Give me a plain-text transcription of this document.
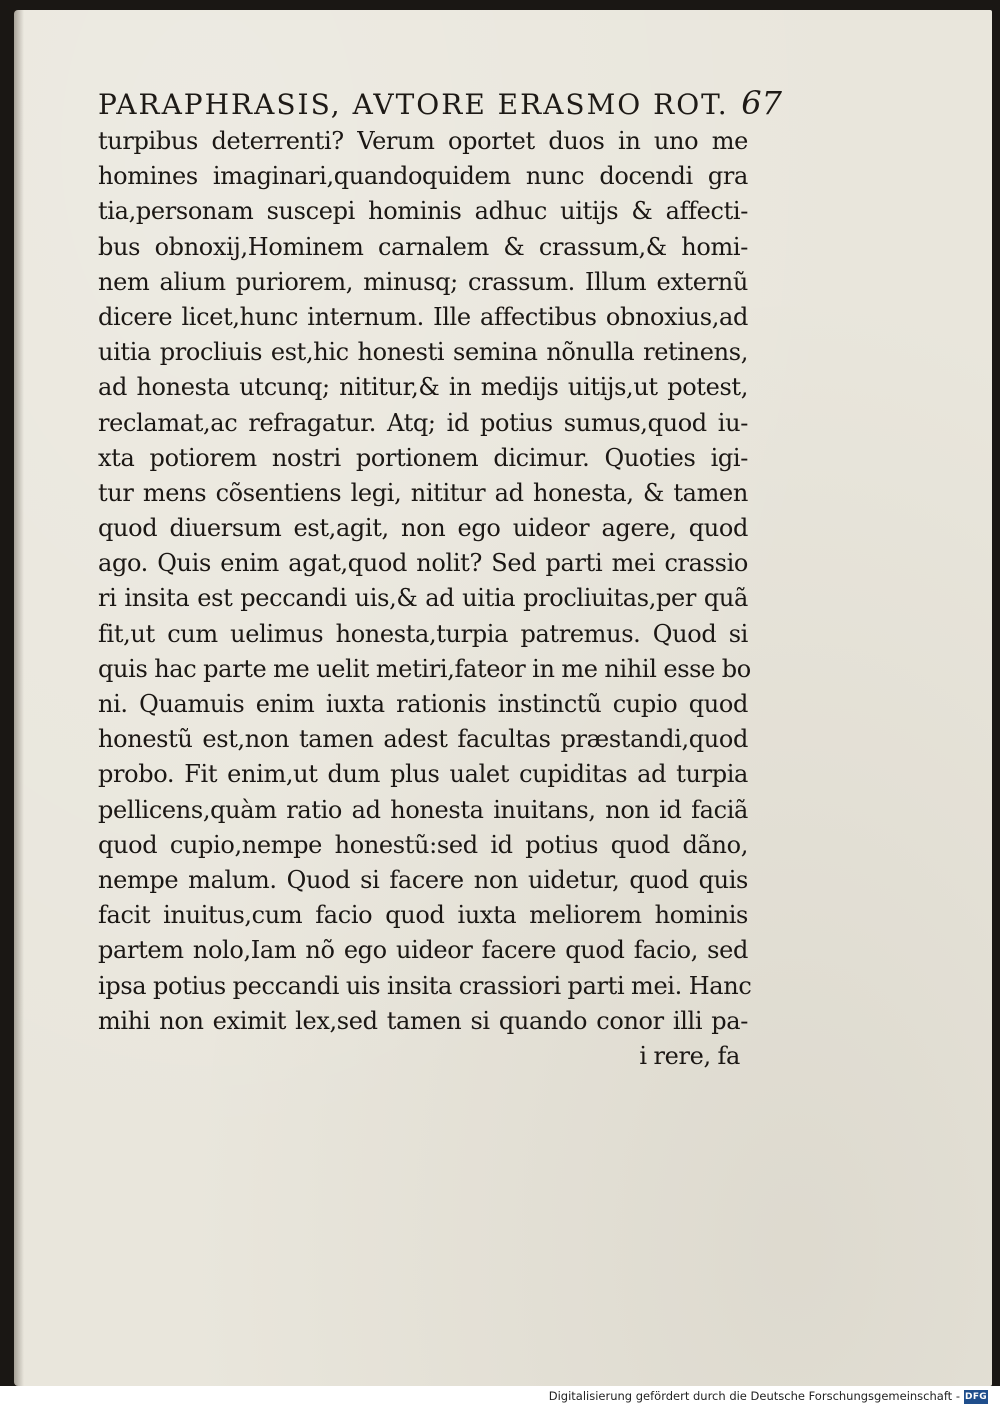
PARAPHRASIS, AVTORE ERASMO ROT. 67
turpibus deterrenti? Verum oportet duos in uno me
homines imaginari,quandoquidem nunc docendi gra
tia,personam suscepi hominis adhuc uitijs & affecti-
bus obnoxij,Hominem carnalem & crassum,& homi-
nem alium puriorem, minusq; crassum. Illum externũ
dicere licet,hunc internum. Ille affectibus obnoxius,ad
uitia procliuis est,hic honesti semina nõnulla retinens,
ad honesta utcunq; nititur,& in medijs uitijs,ut potest,
reclamat,ac refragatur. Atq; id potius sumus,quod iu-
xta potiorem nostri portionem dicimur. Quoties igi-
tur mens cõsentiens legi, nititur ad honesta, & tamen
quod diuersum est,agit, non ego uideor agere, quod
ago. Quis enim agat,quod nolit? Sed parti mei crassio
ri insita est peccandi uis,& ad uitia procliuitas,per quã
fit,ut cum uelimus honesta,turpia patremus. Quod si
quis hac parte me uelit metiri,fateor in me nihil esse bo
ni. Quamuis enim iuxta rationis instinctũ cupio quod
honestũ est,non tamen adest facultas præstandi,quod
probo. Fit enim,ut dum plus ualet cupiditas ad turpia
pellicens,quàm ratio ad honesta inuitans, non id faciã
quod cupio,nempe honestũ:sed id potius quod dãno,
nempe malum. Quod si facere non uidetur, quod quis
facit inuitus,cum facio quod iuxta meliorem hominis
partem nolo,Iam nõ ego uideor facere quod facio, sed
ipsa potius peccandi uis insita crassiori parti mei. Hanc
mihi non eximit lex,sed tamen si quando conor illi pa-
i rere, fa
Digitalisierung gefördert durch die Deutsche Forschungsgemeinschaft - DFG
